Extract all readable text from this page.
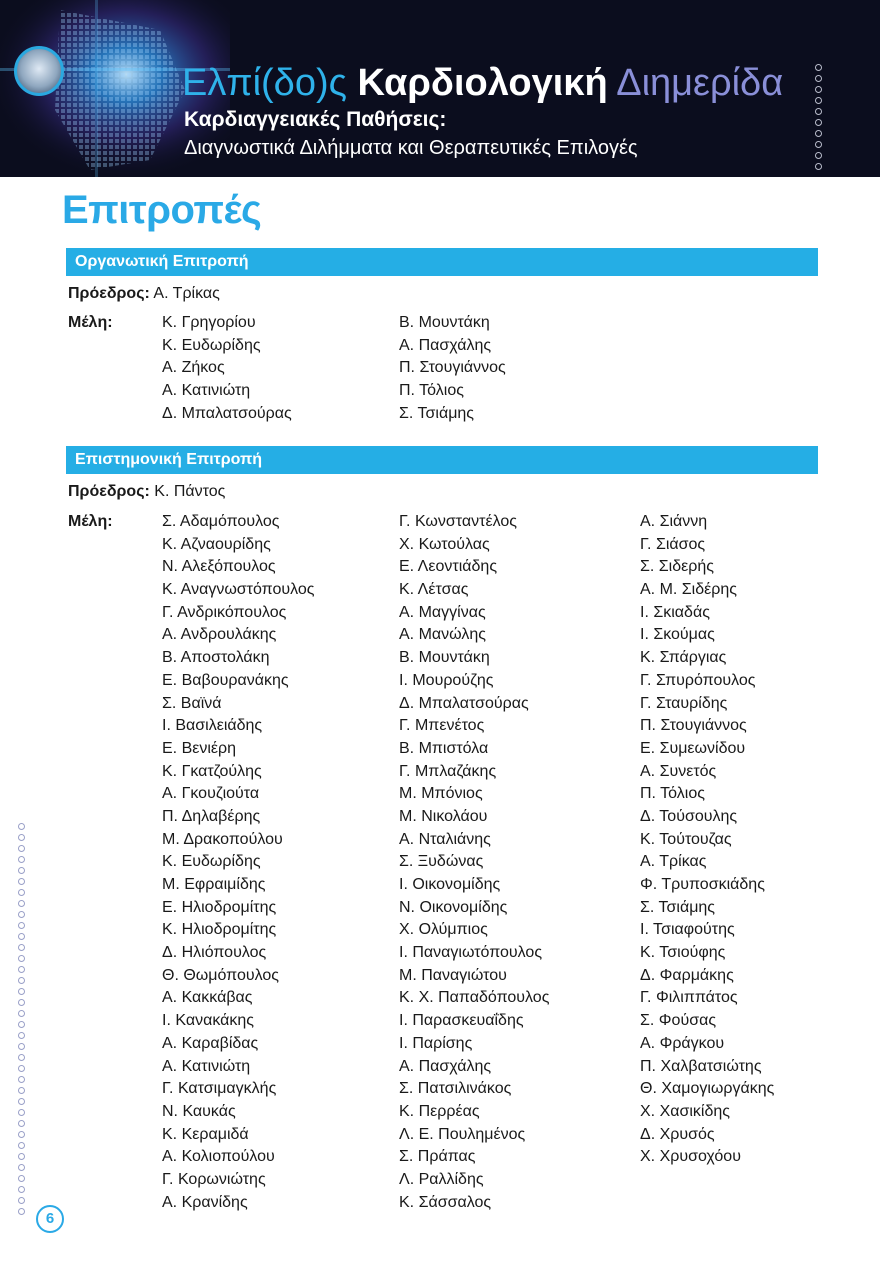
Ελπί(δο)ς Καρδιολογική Διημερίδα
Καρδιαγγειακές Παθήσεις:
Διαγνωστικά Διλήμματα και Θεραπευτικές Επιλογές
Επιτροπές
Οργανωτική Επιτροπή
Πρόεδρος: Α. Τρίκας
Μέλη:	Κ. Γρηγορίου
Κ. Ευδωρίδης
Α. Ζήκος
Α. Κατινιώτη
Δ. Μπαλατσούρας
Β. Μουντάκη
Α. Πασχάλης
Π. Στουγιάννος
Π. Τόλιος
Σ. Τσιάμης
Επιστημονική Επιτροπή
Πρόεδρος: Κ. Πάντος
Μέλη:	Σ. Αδαμόπουλος
Κ. Αζναουρίδης
Ν. Αλεξόπουλος
Κ. Αναγνωστόπουλος
Γ. Ανδρικόπουλος
Α. Ανδρουλάκης
Β. Αποστολάκη
Ε. Βαβουρανάκης
Σ. Βαϊνά
Ι. Βασιλειάδης
Ε. Βενιέρη
Κ. Γκατζούλης
Α. Γκουζιούτα
Π. Δηλαβέρης
Μ. Δρακοπούλου
Κ. Ευδωρίδης
Μ. Εφραιμίδης
Ε. Ηλιοδρομίτης
Κ. Ηλιοδρομίτης
Δ. Ηλιόπουλος
Θ. Θωμόπουλος
Α. Κακκάβας
Ι. Κανακάκης
Α. Καραβίδας
Α. Κατινιώτη
Γ. Κατσιμαγκλής
Ν. Καυκάς
Κ. Κεραμιδά
Α. Κολιοπούλου
Γ. Κορωνιώτης
Α. Κρανίδης
Γ. Κωνσταντέλος
Χ. Κωτούλας
Ε. Λεοντιάδης
Κ. Λέτσας
Α. Μαγγίνας
Α. Μανώλης
Β. Μουντάκη
Ι. Μουρούζης
Δ. Μπαλατσούρας
Γ. Μπενέτος
Β. Μπιστόλα
Γ. Μπλαζάκης
Μ. Μπόνιος
Μ. Νικολάου
Α. Νταλιάνης
Σ. Ξυδώνας
Ι. Οικονομίδης
Ν. Οικονομίδης
Χ. Ολύμπιος
Ι. Παναγιωτόπουλος
Μ. Παναγιώτου
Κ. Χ. Παπαδόπουλος
Ι. Παρασκευαΐδης
Ι. Παρίσης
Α. Πασχάλης
Σ. Πατσιλινάκος
Κ. Περρέας
Λ. Ε. Πουλημένος
Σ. Πράπας
Λ. Ραλλίδης
Κ. Σάσσαλος
Α. Σιάννη
Γ. Σιάσος
Σ. Σιδερής
Α. Μ. Σιδέρης
Ι. Σκιαδάς
Ι. Σκούμας
Κ. Σπάργιας
Γ. Σπυρόπουλος
Γ. Σταυρίδης
Π. Στουγιάννος
Ε. Συμεωνίδου
Α. Συνετός
Π. Τόλιος
Δ. Τούσουλης
Κ. Τούτουζας
Α. Τρίκας
Φ. Τρυποσκιάδης
Σ. Τσιάμης
Ι. Τσιαφούτης
Κ. Τσιούφης
Δ. Φαρμάκης
Γ. Φιλιππάτος
Σ. Φούσας
Α. Φράγκου
Π. Χαλβατσιώτης
Θ. Χαμογιωργάκης
Χ. Χασικίδης
Δ. Χρυσός
Χ. Χρυσοχόου
6
